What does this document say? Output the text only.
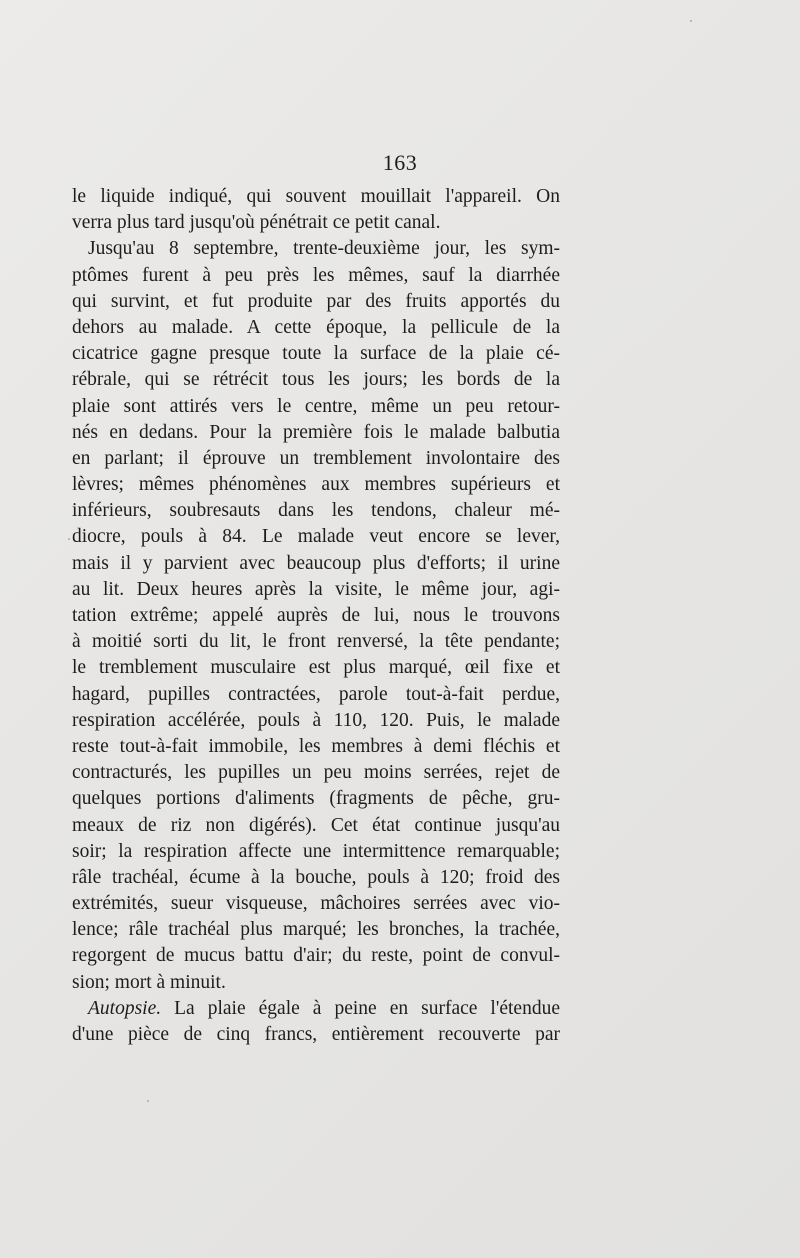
163
le liquide indiqué, qui souvent mouillait l'appareil. On
verra plus tard jusqu'où pénétrait ce petit canal.
Jusqu'au 8 septembre, trente-deuxième jour, les sym-
ptômes furent à peu près les mêmes, sauf la diarrhée
qui survint, et fut produite par des fruits apportés du
dehors au malade. A cette époque, la pellicule de la
cicatrice gagne presque toute la surface de la plaie cé-
rébrale, qui se rétrécit tous les jours; les bords de la
plaie sont attirés vers le centre, même un peu retour-
nés en dedans. Pour la première fois le malade balbutia
en parlant; il éprouve un tremblement involontaire des
lèvres; mêmes phénomènes aux membres supérieurs et
inférieurs, soubresauts dans les tendons, chaleur mé-
diocre, pouls à 84. Le malade veut encore se lever,
mais il y parvient avec beaucoup plus d'efforts; il urine
au lit. Deux heures après la visite, le même jour, agi-
tation extrême; appelé auprès de lui, nous le trouvons
à moitié sorti du lit, le front renversé, la tête pendante;
le tremblement musculaire est plus marqué, œil fixe et
hagard, pupilles contractées, parole tout-à-fait perdue,
respiration accélérée, pouls à 110, 120. Puis, le malade
reste tout-à-fait immobile, les membres à demi fléchis et
contracturés, les pupilles un peu moins serrées, rejet de
quelques portions d'aliments (fragments de pêche, gru-
meaux de riz non digérés). Cet état continue jusqu'au
soir; la respiration affecte une intermittence remarquable;
râle trachéal, écume à la bouche, pouls à 120; froid des
extrémités, sueur visqueuse, mâchoires serrées avec vio-
lence; râle trachéal plus marqué; les bronches, la trachée,
regorgent de mucus battu d'air; du reste, point de convul-
sion; mort à minuit.
Autopsie. La plaie égale à peine en surface l'étendue
d'une pièce de cinq francs, entièrement recouverte par
